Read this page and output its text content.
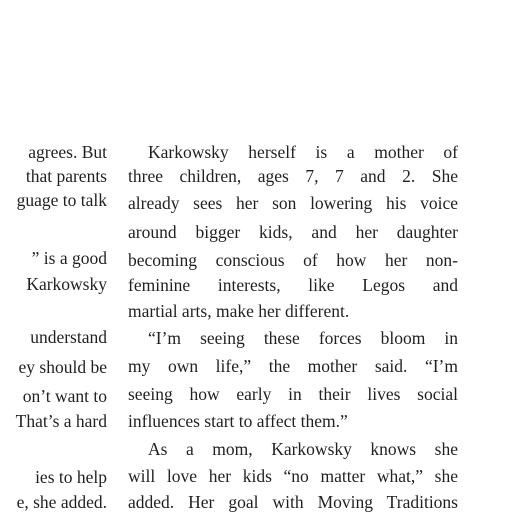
agrees. But
that parents
guage to talk
” is a good
Karkowsky
understand
ey should be
on’t want to
That’s a hard
ies to help
e, she added.
Karkowsky herself is a mother of
three children, ages 7, 7 and 2. She
already sees her son lowering his voice
around bigger kids, and her daughter
becoming conscious of how her non-
feminine interests, like Legos and
martial arts, make her different.
“I’m seeing these forces bloom in
my own life,” the mother said. “I’m
seeing how early in their lives social
influences start to affect them.”
As a mom, Karkowsky knows she
will love her kids “no matter what,” she
added. Her goal with Moving Traditions
